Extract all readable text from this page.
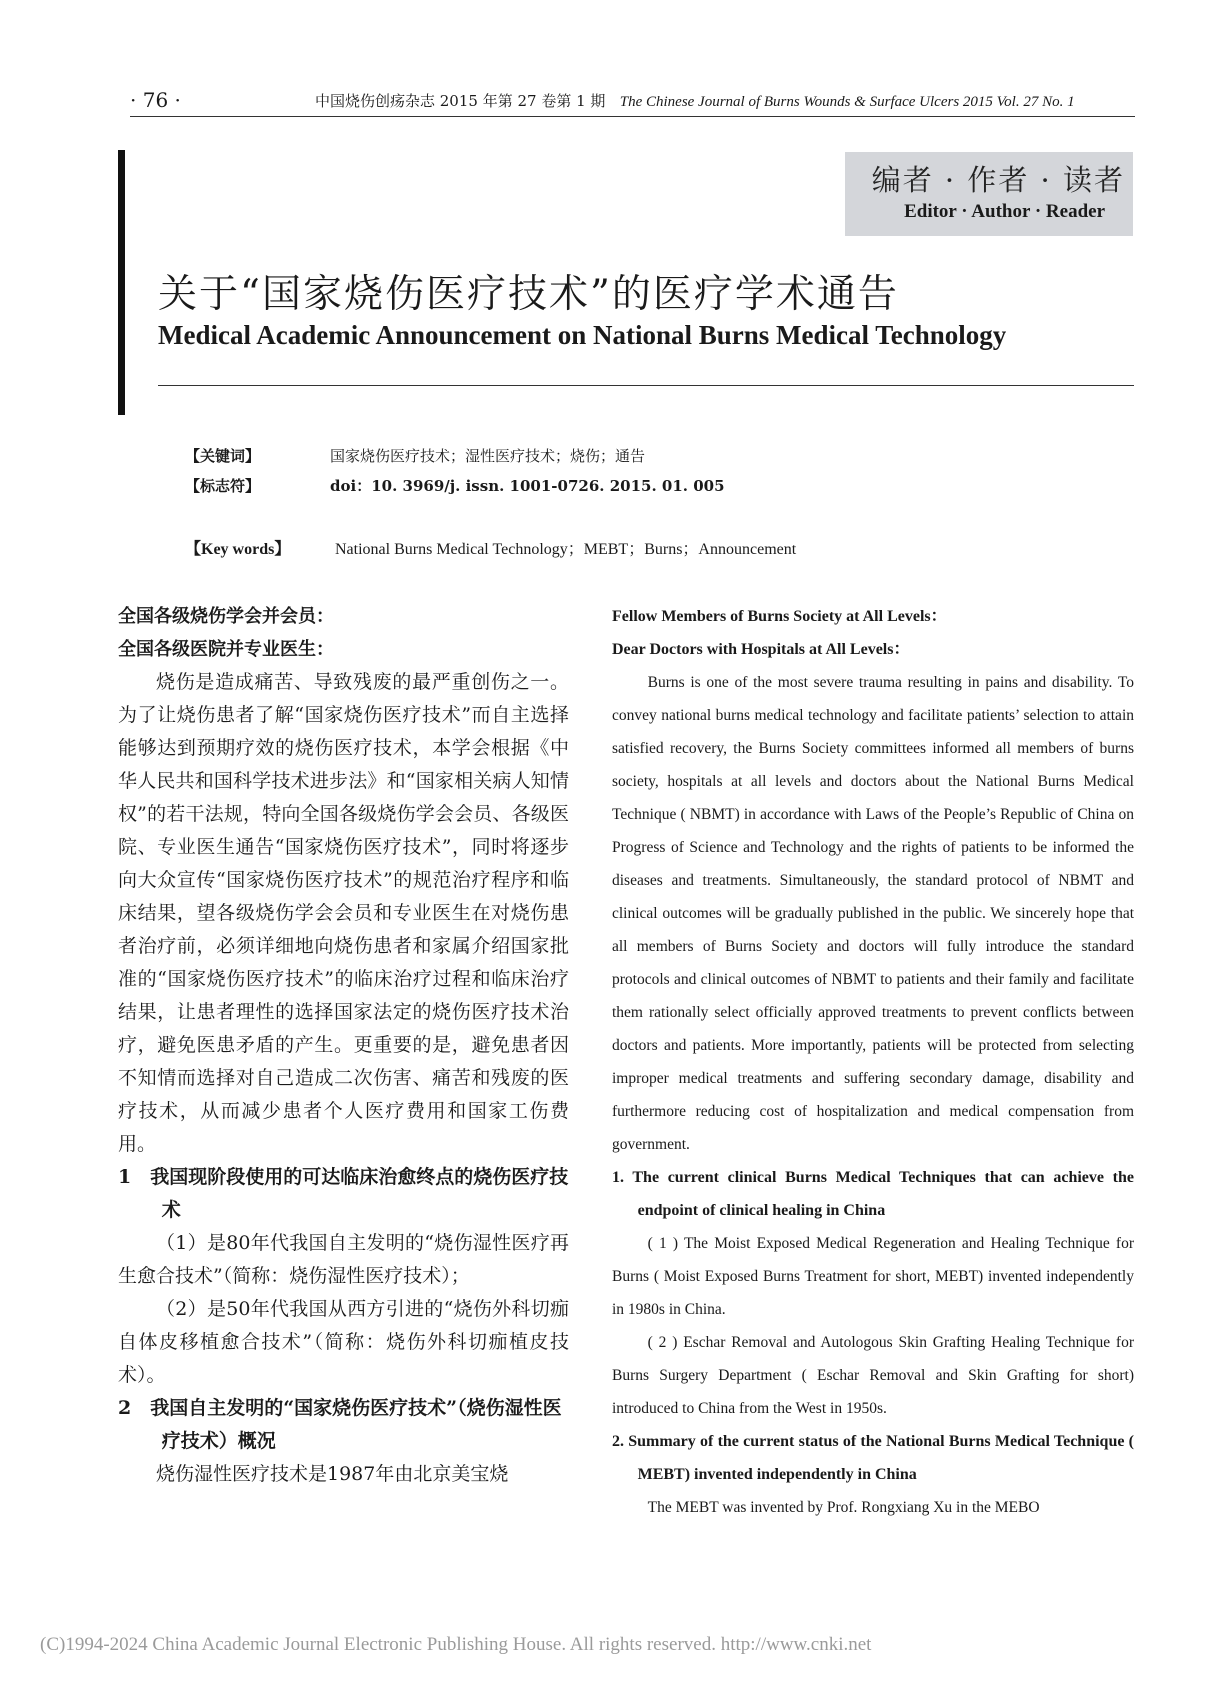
· 76 ·	中国烧伤创疡杂志 2015 年第 27 卷第 1 期 The Chinese Journal of Burns Wounds & Surface Ulcers 2015 Vol. 27 No. 1
编者 · 作者 · 读者
Editor · Author · Reader
关于“国家烧伤医疗技术”的医疗学术通告
Medical Academic Announcement on National Burns Medical Technology
【关键词】	国家烧伤医疗技术；湿性医疗技术；烧伤；通告
【标志符】	doi：10. 3969/j. issn. 1001-0726. 2015. 01. 005
【Key words】	National Burns Medical Technology；MEBT；Burns；Announcement

全国各级烧伤学会并会员：

全国各级医院并专业医生：

烧伤是造成痛苦、导致残废的最严重创伤之一。为了让烧伤患者了解“国家烧伤医疗技术”而自主选择能够达到预期疗效的烧伤医疗技术，本学会根据《中华人民共和国科学技术进步法》和“国家相关病人知情权”的若干法规，特向全国各级烧伤学会会员、各级医院、专业医生通告“国家烧伤医疗技术”，同时将逐步向大众宣传“国家烧伤医疗技术”的规范治疗程序和临床结果，望各级烧伤学会会员和专业医生在对烧伤患者治疗前，必须详细地向烧伤患者和家属介绍国家批准的“国家烧伤医疗技术”的临床治疗过程和临床治疗结果，让患者理性的选择国家法定的烧伤医疗技术治疗，避免医患矛盾的产生。更重要的是，避免患者因不知情而选择对自己造成二次伤害、痛苦和残废的医疗技术，从而减少患者个人医疗费用和国家工伤费用。

1　我国现阶段使用的可达临床治愈终点的烧伤医疗技术

（1）是80年代我国自主发明的“烧伤湿性医疗再生愈合技术”（简称：烧伤湿性医疗技术）；

（2）是50年代我国从西方引进的“烧伤外科切痂自体皮移植愈合技术”（简称：烧伤外科切痂植皮技术）。

2　我国自主发明的“国家烧伤医疗技术”（烧伤湿性医疗技术）概况

烧伤湿性医疗技术是1987年由北京美宝烧

Fellow Members of Burns Society at All Levels：

Dear Doctors with Hospitals at All Levels：

Burns is one of the most severe trauma resulting in pains and disability. To convey national burns medical technology and facilitate patients’ selection to attain satisfied recovery, the Burns Society committees informed all members of burns society, hospitals at all levels and doctors about the National Burns Medical Technique ( NBMT) in accordance with Laws of the People’s Republic of China on Progress of Science and Technology and the rights of patients to be informed the diseases and treatments. Simultaneously, the standard protocol of NBMT and clinical outcomes will be gradually published in the public. We sincerely hope that all members of Burns Society and doctors will fully introduce the standard protocols and clinical outcomes of NBMT to patients and their family and facilitate them rationally select officially approved treatments to prevent conflicts between doctors and patients. More importantly, patients will be protected from selecting improper medical treatments and suffering secondary damage, disability and furthermore reducing cost of hospitalization and medical compensation from government.

1. The current clinical Burns Medical Techniques that can achieve the endpoint of clinical healing in China

( 1 ) The Moist Exposed Medical Regeneration and Healing Technique for Burns ( Moist Exposed Burns Treatment for short, MEBT) invented independently in 1980s in China.

( 2 ) Eschar Removal and Autologous Skin Grafting Healing Technique for Burns Surgery Department ( Eschar Removal and Skin Grafting for short) introduced to China from the West in 1950s.

2. Summary of the current status of the National Burns Medical Technique ( MEBT) invented independently in China

The MEBT was invented by Prof. Rongxiang Xu in the MEBO

(C)1994-2024 China Academic Journal Electronic Publishing House. All rights reserved. http://www.cnki.net
